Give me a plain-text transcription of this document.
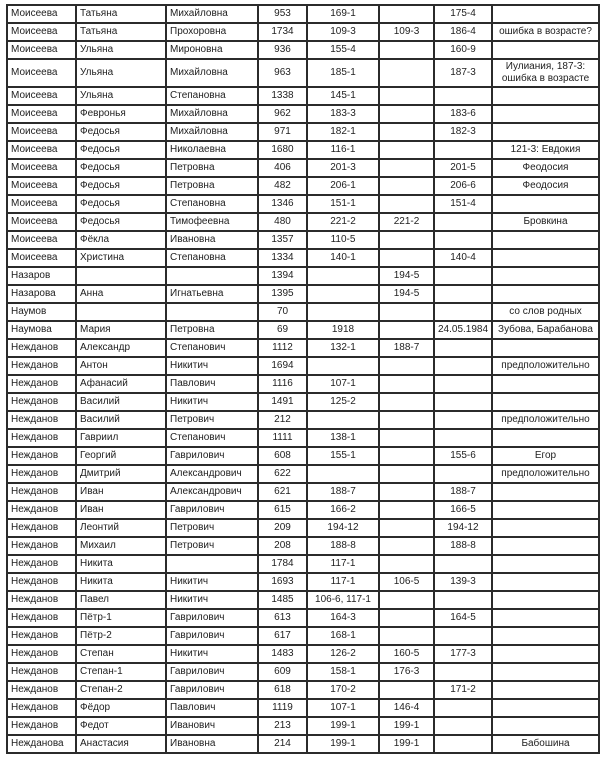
Моисеева	Татьяна	Михайловна	953	169-1		175-4	
Моисеева	Татьяна	Прохоровна	1734	109-3	109-3	186-4	ошибка в возрасте?
Моисеева	Ульяна	Мироновна	936	155-4		160-9	
Моисеева	Ульяна	Михайловна	963	185-1		187-3	Иулиания, 187-3: ошибка в возрасте
Моисеева	Ульяна	Степановна	1338	145-1			
Моисеева	Февронья	Михайловна	962	183-3		183-6	
Моисеева	Федосья	Михайловна	971	182-1		182-3	
Моисеева	Федосья	Николаевна	1680	116-1			121-3: Евдокия
Моисеева	Федосья	Петровна	406	201-3		201-5	Феодосия
Моисеева	Федосья	Петровна	482	206-1		206-6	Феодосия
Моисеева	Федосья	Степановна	1346	151-1		151-4	
Моисеева	Федосья	Тимофеевна	480	221-2	221-2		Бровкина
Моисеева	Фёкла	Ивановна	1357	110-5			
Моисеева	Христина	Степановна	1334	140-1		140-4	
Назаров			1394		194-5		
Назарова	Анна	Игнатьевна	1395		194-5		
Наумов			70				со слов родных
Наумова	Мария	Петровна	69	1918		24.05.1984	Зубова, Барабанова
Нежданов	Александр	Степанович	1112	132-1	188-7		
Нежданов	Антон	Никитич	1694				предположительно
Нежданов	Афанасий	Павлович	1116	107-1			
Нежданов	Василий	Никитич	1491	125-2			
Нежданов	Василий	Петрович	212				предположительно
Нежданов	Гавриил	Степанович	1111	138-1			
Нежданов	Георгий	Гаврилович	608	155-1		155-6	Егор
Нежданов	Дмитрий	Александрович	622				предположительно
Нежданов	Иван	Александрович	621	188-7		188-7	
Нежданов	Иван	Гаврилович	615	166-2		166-5	
Нежданов	Леонтий	Петрович	209	194-12		194-12	
Нежданов	Михаил	Петрович	208	188-8		188-8	
Нежданов	Никита		1784	117-1			
Нежданов	Никита	Никитич	1693	117-1	106-5	139-3	
Нежданов	Павел	Никитич	1485	106-6, 117-1			
Нежданов	Пётр-1	Гаврилович	613	164-3		164-5	
Нежданов	Пётр-2	Гаврилович	617	168-1			
Нежданов	Степан	Никитич	1483	126-2	160-5	177-3	
Нежданов	Степан-1	Гаврилович	609	158-1	176-3		
Нежданов	Степан-2	Гаврилович	618	170-2		171-2	
Нежданов	Фёдор	Павлович	1119	107-1	146-4		
Нежданов	Федот	Иванович	213	199-1	199-1		
Нежданова	Анастасия	Ивановна	214	199-1	199-1		Бабошина
